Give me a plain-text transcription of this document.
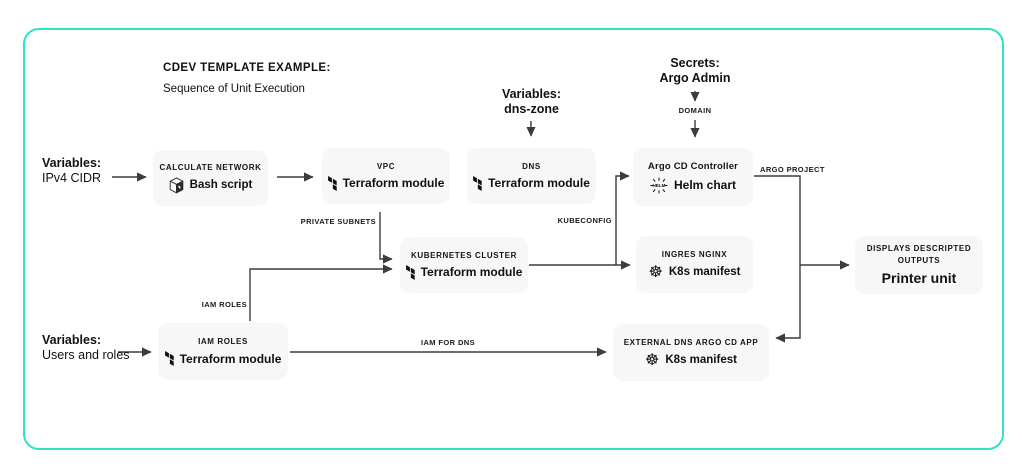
CDEV TEMPLATE EXAMPLE:
Sequence of Unit Execution
Variables:
IPv4 CIDR
Variables:
dns-zone
Secrets:
Argo Admin
Variables:
Users and roles
DOMAIN
PRIVATE SUBNETS	KUBECONFIG
IAM ROLES
ARGO PROJECT
IAM FOR DNS
CALCULATE NETWORK
Bash script
VPC
Terraform module
DNS
Terraform module
Argo CD Controller
HELM Helm chart
KUBERNETES CLUSTER
Terraform module
INGRES NGINX
☸ K8s manifest
DISPLAYS DESCRIPTED
OUTPUTS
Printer unit
IAM ROLES
Terraform module
EXTERNAL DNS ARGO CD APP
☸ K8s manifest
